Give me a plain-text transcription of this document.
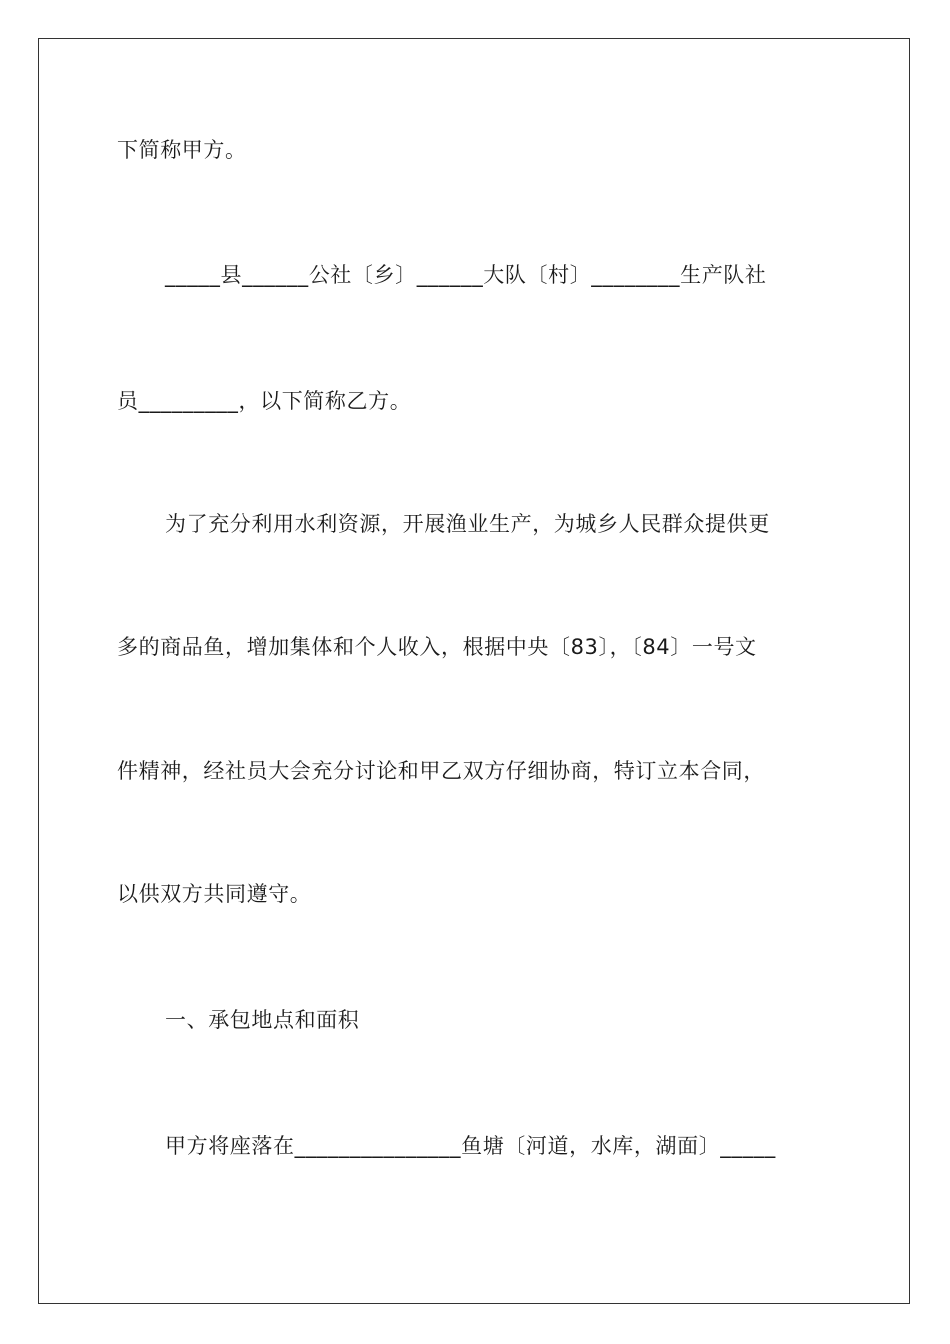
下简称甲方。

_____县______公社〔乡〕______大队〔村〕________生产队社

员_________，以下简称乙方。

为了充分利用水利资源，开展渔业生产，为城乡人民群众提供更

多的商品鱼，增加集体和个人收入，根据中央〔83〕，〔84〕一号文

件精神，经社员大会充分讨论和甲乙双方仔细协商，特订立本合同，

以供双方共同遵守。

一、承包地点和面积

甲方将座落在_______________鱼塘〔河道，水库，湖面〕_____
